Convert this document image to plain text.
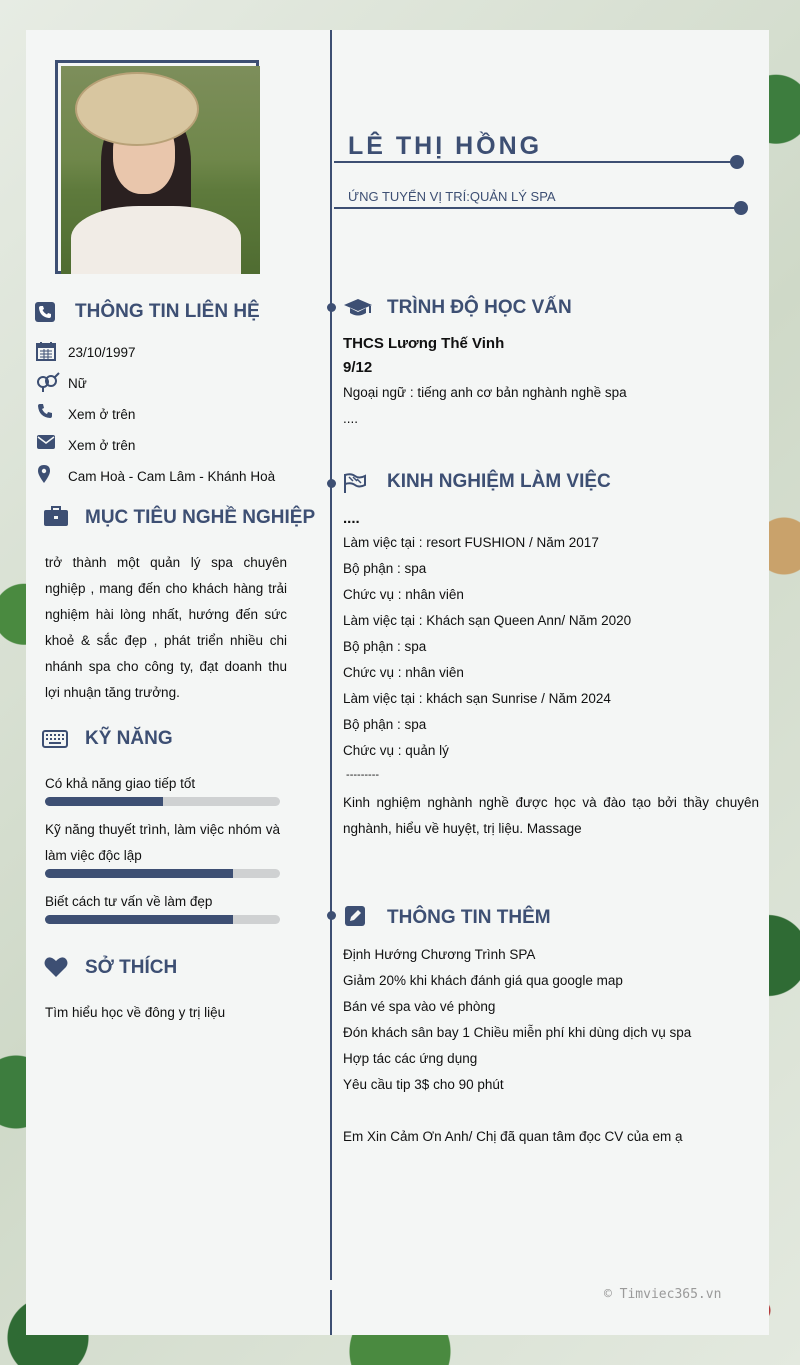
LÊ THỊ HỒNG
ỨNG TUYỂN VỊ TRÍ:QUẢN LÝ SPA
THÔNG TIN LIÊN HỆ
23/10/1997
Nữ
Xem ở trên
Xem ở trên
Cam Hoà - Cam Lâm - Khánh Hoà
MỤC TIÊU NGHỀ NGHIỆP
trở thành một quản lý spa chuyên nghiệp , mang đến cho khách hàng trải nghiệm hài lòng nhất, hướng đến sức khoẻ & sắc đẹp , phát triển nhiều chi nhánh spa cho công ty, đạt doanh thu lợi nhuận tăng trưởng.
KỸ NĂNG
Có khả năng giao tiếp tốt
Kỹ năng thuyết trình, làm việc nhóm và làm việc độc lập
Biết cách tư vấn về làm đẹp
SỞ THÍCH
Tìm hiểu học về đông y trị liệu
TRÌNH ĐỘ HỌC VẤN
THCS Lương Thế Vinh
9/12
Ngoại ngữ : tiếng anh cơ bản nghành nghề spa
....
KINH NGHIỆM LÀM VIỆC
....
Làm việc tại : resort FUSHION / Năm 2017
Bộ phận : spa
Chức vụ : nhân viên
Làm việc tại : Khách sạn Queen Ann/ Năm 2020
Bộ phận : spa
Chức vụ : nhân viên
Làm việc tại : khách sạn Sunrise / Năm 2024
Bộ phận : spa
Chức vụ : quản lý
---------
Kinh nghiệm nghành nghề được học và đào tạo bởi thầy chuyên nghành, hiểu về huyệt, trị liệu. Massage
THÔNG TIN THÊM
Định Hướng Chương Trình SPA
Giảm 20% khi khách đánh giá qua google map
Bán vé spa vào vé phòng
Đón khách sân bay 1 Chiều miễn phí khi dùng dịch vụ spa
Hợp tác các ứng dụng
Yêu cầu tip 3$ cho 90 phút
Em Xin Cảm Ơn Anh/ Chị đã quan tâm đọc CV của em ạ
© Timviec365.vn
